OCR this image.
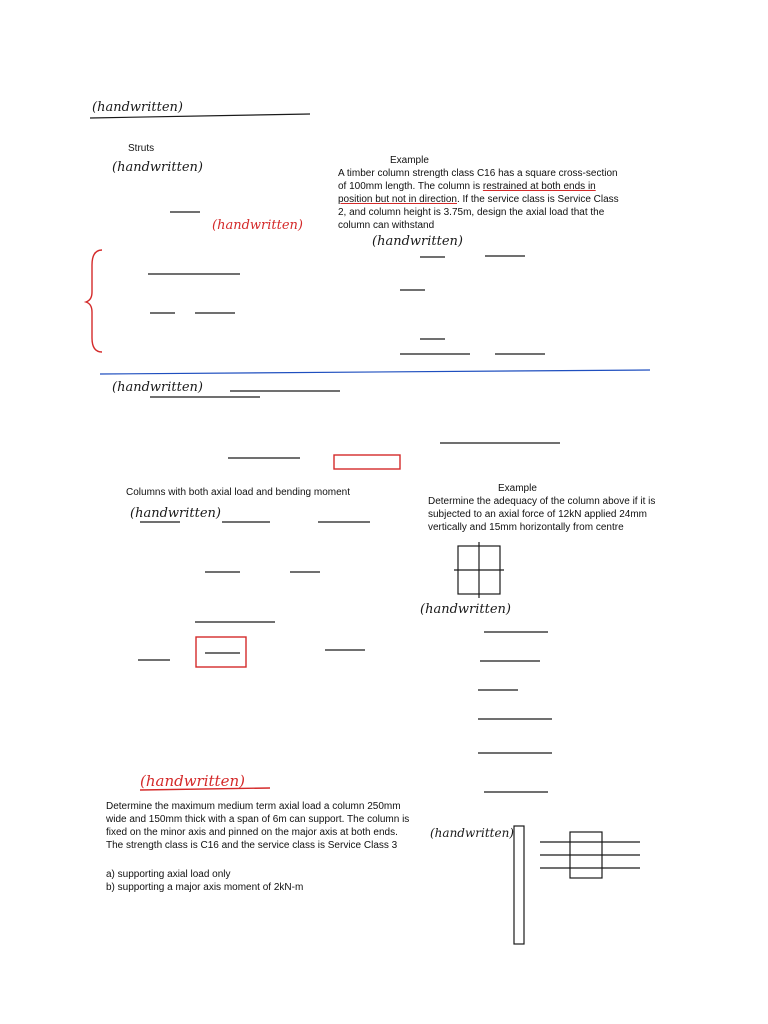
(handwritten)
Struts
(handwritten)
(handwritten)
Example

A timber column strength class C16 has a square cross-section of 100mm length. The column is restrained at both ends in position but not in direction. If the service class is Service Class 2, and column height is 3.75m, design the axial load that the column can withstand

(handwritten)
(handwritten)
Columns with both axial load and bending moment
(handwritten)
Example

Determine the adequacy of the column above if it is subjected to an axial force of 12kN applied 24mm vertically and 15mm horizontally from centre

(handwritten)
(handwritten)

Determine the maximum medium term axial load a column 250mm wide and 150mm thick with a span of 6m can support. The column is fixed on the minor axis and pinned on the major axis at both ends. The strength class is C16 and the service class is Service Class 3

a) supporting axial load only
b) supporting a major axis moment of 2kN-m
(handwritten)
